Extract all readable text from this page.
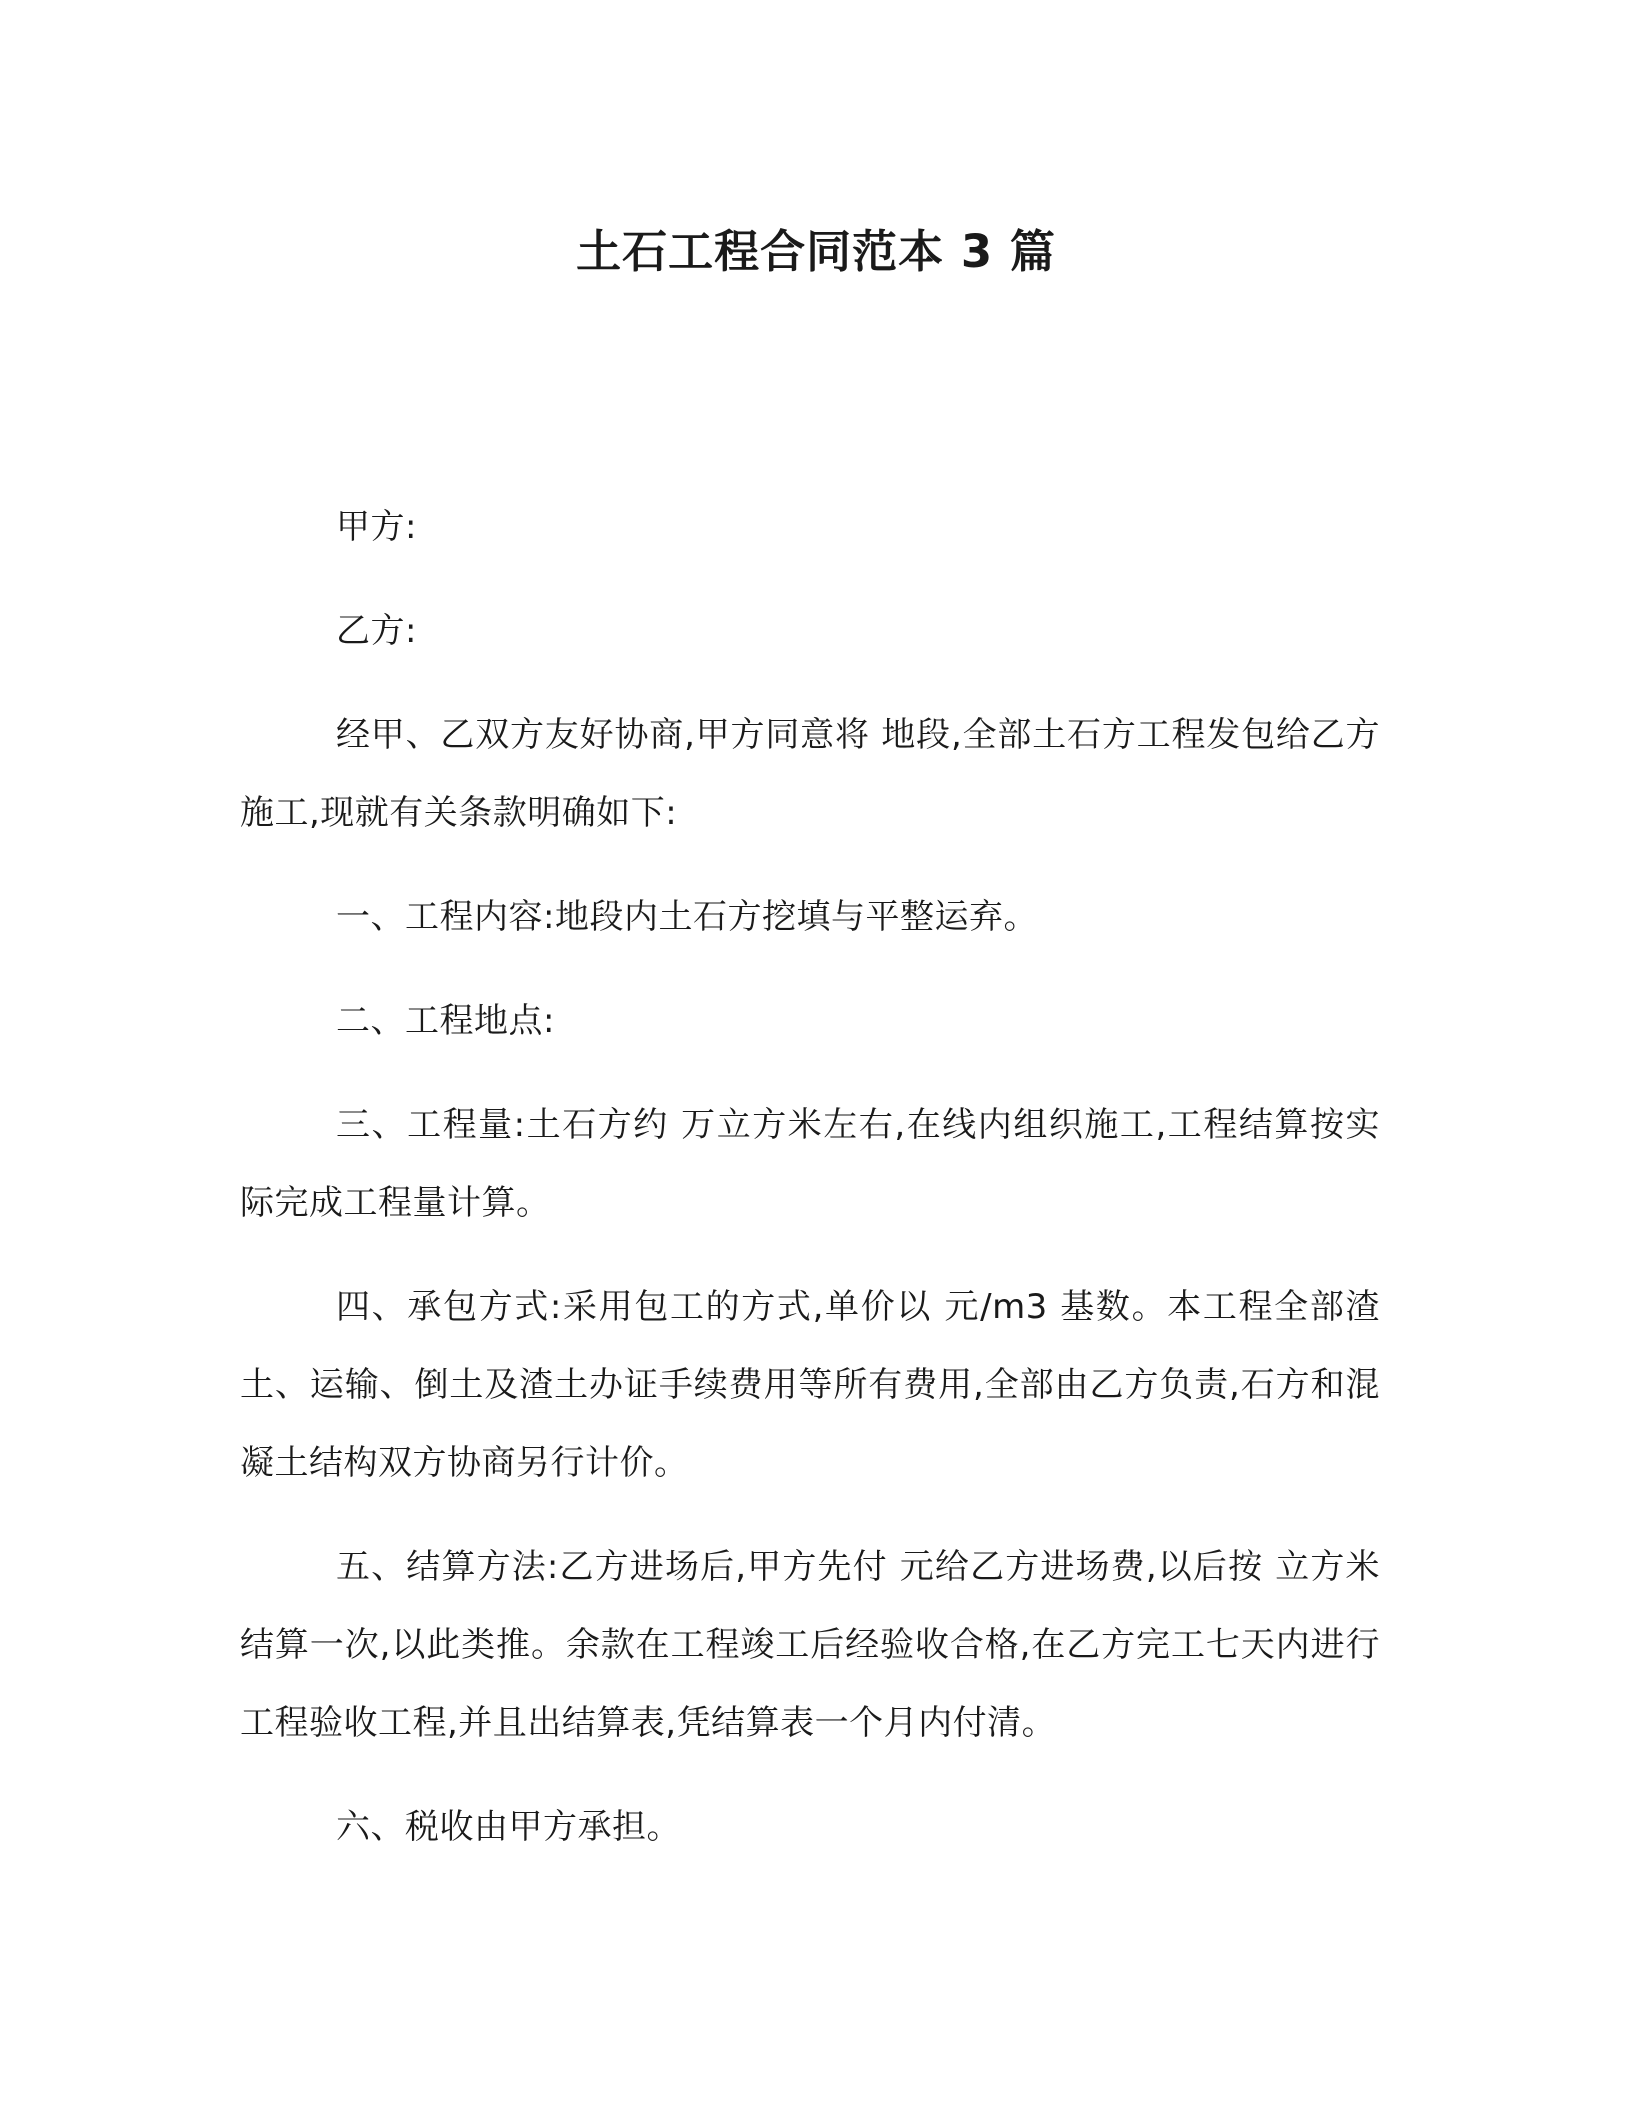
土石工程合同范本 3 篇

甲方:

乙方:

经甲、乙双方友好协商,甲方同意将 地段,全部土石方工程发包给乙方施工,现就有关条款明确如下:

一、工程内容:地段内土石方挖填与平整运弃。

二、工程地点:

三、工程量:土石方约 万立方米左右,在线内组织施工,工程结算按实际完成工程量计算。

四、承包方式:采用包工的方式,单价以 元/m3 基数。本工程全部渣土、运输、倒土及渣土办证手续费用等所有费用,全部由乙方负责,石方和混凝土结构双方协商另行计价。

五、结算方法:乙方进场后,甲方先付 元给乙方进场费,以后按 立方米结算一次,以此类推。余款在工程竣工后经验收合格,在乙方完工七天内进行工程验收工程,并且出结算表,凭结算表一个月内付清。

六、税收由甲方承担。
